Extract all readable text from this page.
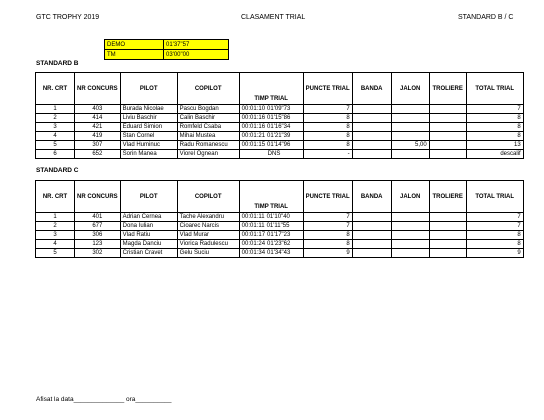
GTC TROPHY 2019	CLASAMENT TRIAL	STANDARD B / C
DEMO	01'37"57
TM	03'00"00
STANDARD B
NR. CRT	NR CONCURS	PILOT	COPILOT	TIMP TRIAL	PUNCTE TRIAL	BANDA	JALON	TROLIERE	TOTAL TRIAL
1	403	Burada Nicolae	Pascu Bogdan	00:01:10 01'09"73	7				7
2	414	Liviu Baschir	Calin Baschir	00:01:16 01'15"86	8				8
3	421	Eduard Simion	Romfeld Csaba	00:01:16 01'16"34	8				8
4	419	Stan Cornel	Mihai Mustea	00:01:21 01'21"39	8				8
5	307	Vlad Huminuc	Radu Romanescu	00:01:15 01'14"96	8		5,00		13
6	652	Sorin Manea	Viorel Ognean	DNS	-				descalif
STANDARD C
NR. CRT	NR CONCURS	PILOT	COPILOT	TIMP TRIAL	PUNCTE TRIAL	BANDA	JALON	TROLIERE	TOTAL TRIAL
1	401	Adrian Cernea	Tache Alexandru	00:01:11 01'10"40	7				7
2	677	Dona Iulian	Cioarec Narcis	00:01:11 01'11"55	7				7
3	306	Vlad Ratiu	Vlad Murar	00:01:17 01'17"23	8				8
4	123	Magda Danciu	Viorica Radulescu	00:01:24 01'23"62	8				8
5	302	Cristian Cravet	Gelu Suciu	00:01:34 01'34"43	9				9
Afisat la data______________ ora__________
